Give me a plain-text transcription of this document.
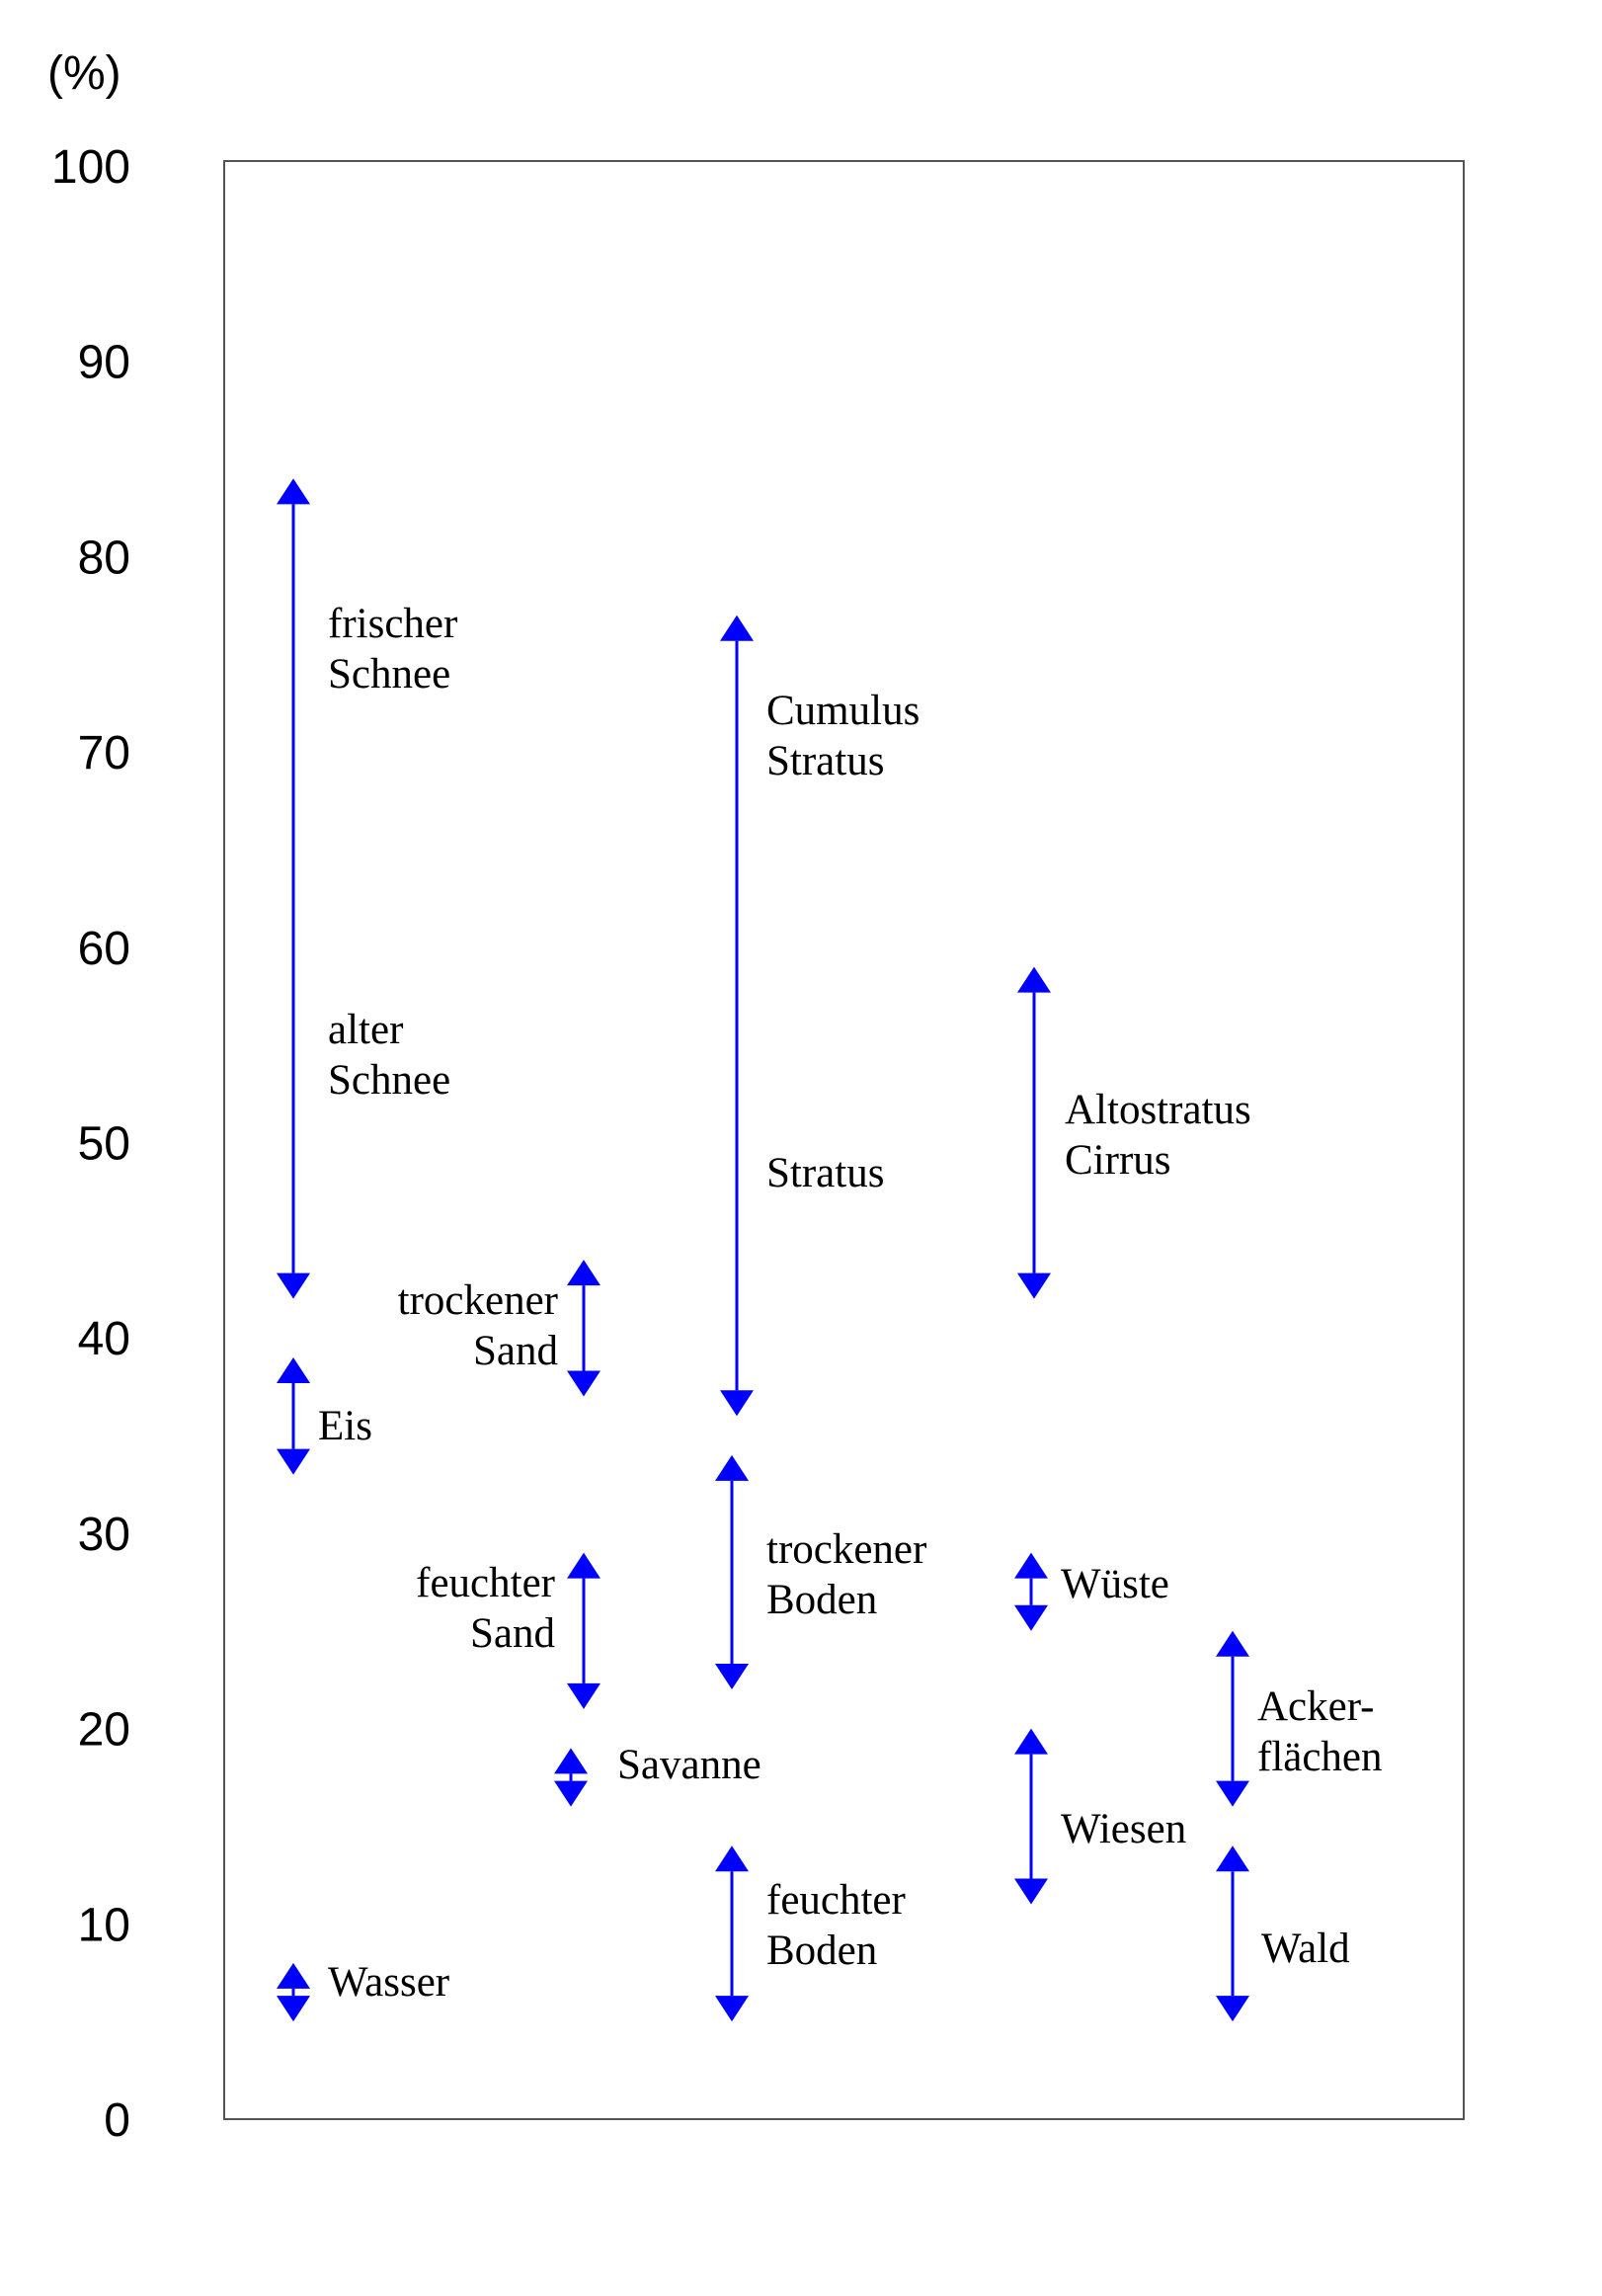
(%)
0
10
20
30
40
50
60
70
80
90
100
frischer
Schnee
alter
Schnee
Eis
Wasser
trockener
Sand
feuchter
Sand
Savanne
Cumulus
Stratus
Stratus
trockener
Boden
feuchter
Boden
Altostratus
Cirrus
Wüste
Wiesen
Acker-
flächen
Wald
